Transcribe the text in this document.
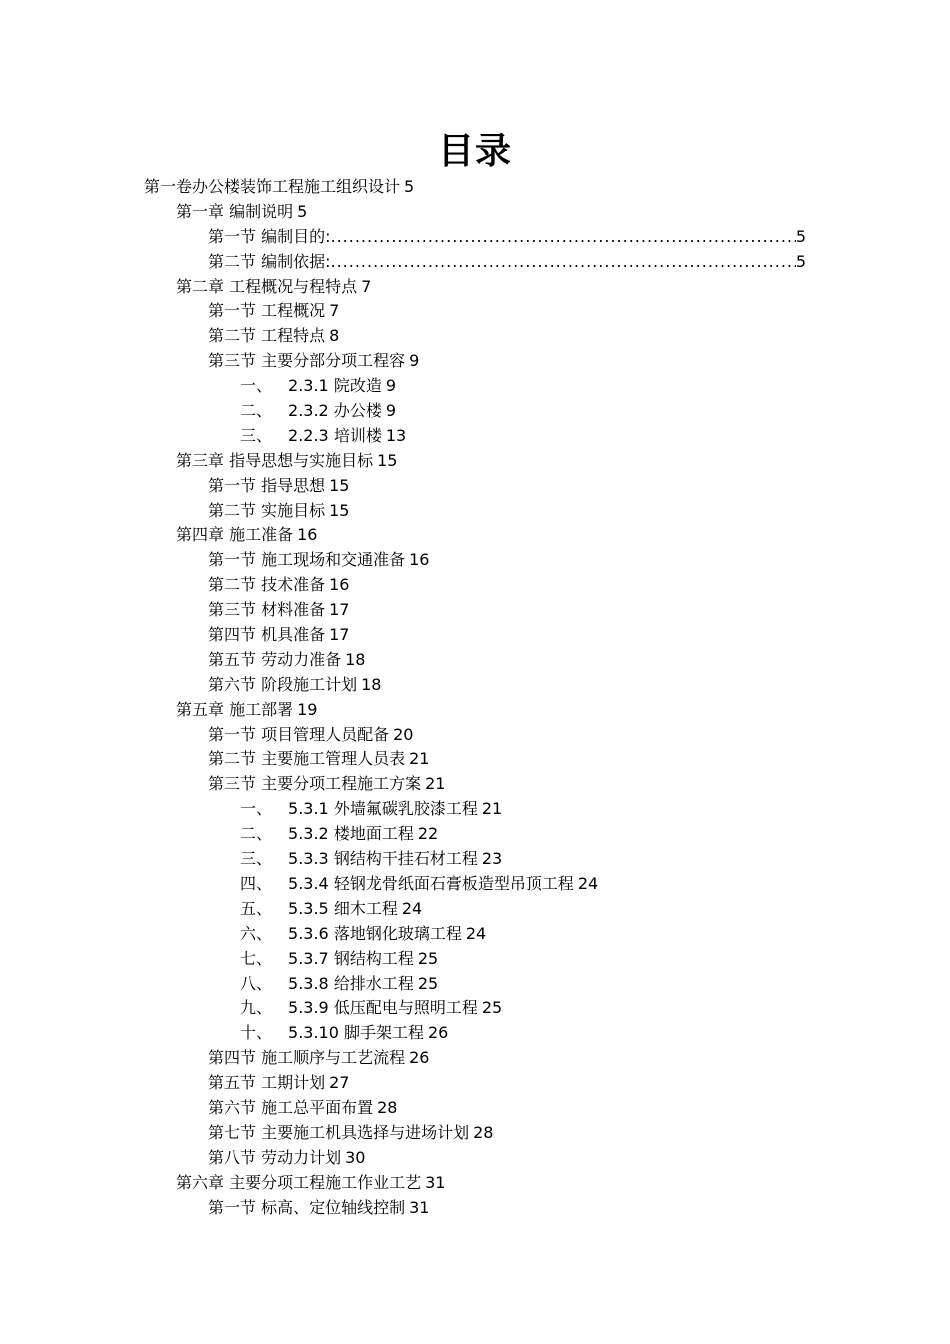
目录
第一卷办公楼装饰工程施工组织设计 5
第一章 编制说明 5
第一节 编制目的: .....	5
第二节 编制依据: .....	5
第二章 工程概况与程特点 7
第一节 工程概况 7
第二节 工程特点 8
第三节 主要分部分项工程容 9
一、 2.3.1 院改造 9
二、 2.3.2 办公楼 9
三、 2.2.3 培训楼 13
第三章 指导思想与实施目标 15
第一节 指导思想 15
第二节 实施目标 15
第四章 施工准备 16
第一节 施工现场和交通准备 16
第二节 技术准备 16
第三节 材料准备 17
第四节 机具准备 17
第五节 劳动力准备 18
第六节 阶段施工计划 18
第五章 施工部署 19
第一节 项目管理人员配备 20
第二节 主要施工管理人员表 21
第三节 主要分项工程施工方案 21
一、 5.3.1 外墙氟碳乳胶漆工程 21
二、 5.3.2 楼地面工程 22
三、 5.3.3 钢结构干挂石材工程 23
四、 5.3.4 轻钢龙骨纸面石膏板造型吊顶工程 24
五、 5.3.5 细木工程 24
六、 5.3.6 落地钢化玻璃工程 24
七、 5.3.7 钢结构工程 25
八、 5.3.8 给排水工程 25
九、 5.3.9 低压配电与照明工程 25
十、 5.3.10 脚手架工程 26
第四节 施工顺序与工艺流程 26
第五节 工期计划 27
第六节 施工总平面布置 28
第七节 主要施工机具选择与进场计划 28
第八节 劳动力计划 30
第六章 主要分项工程施工作业工艺 31
第一节 标高、定位轴线控制 31
